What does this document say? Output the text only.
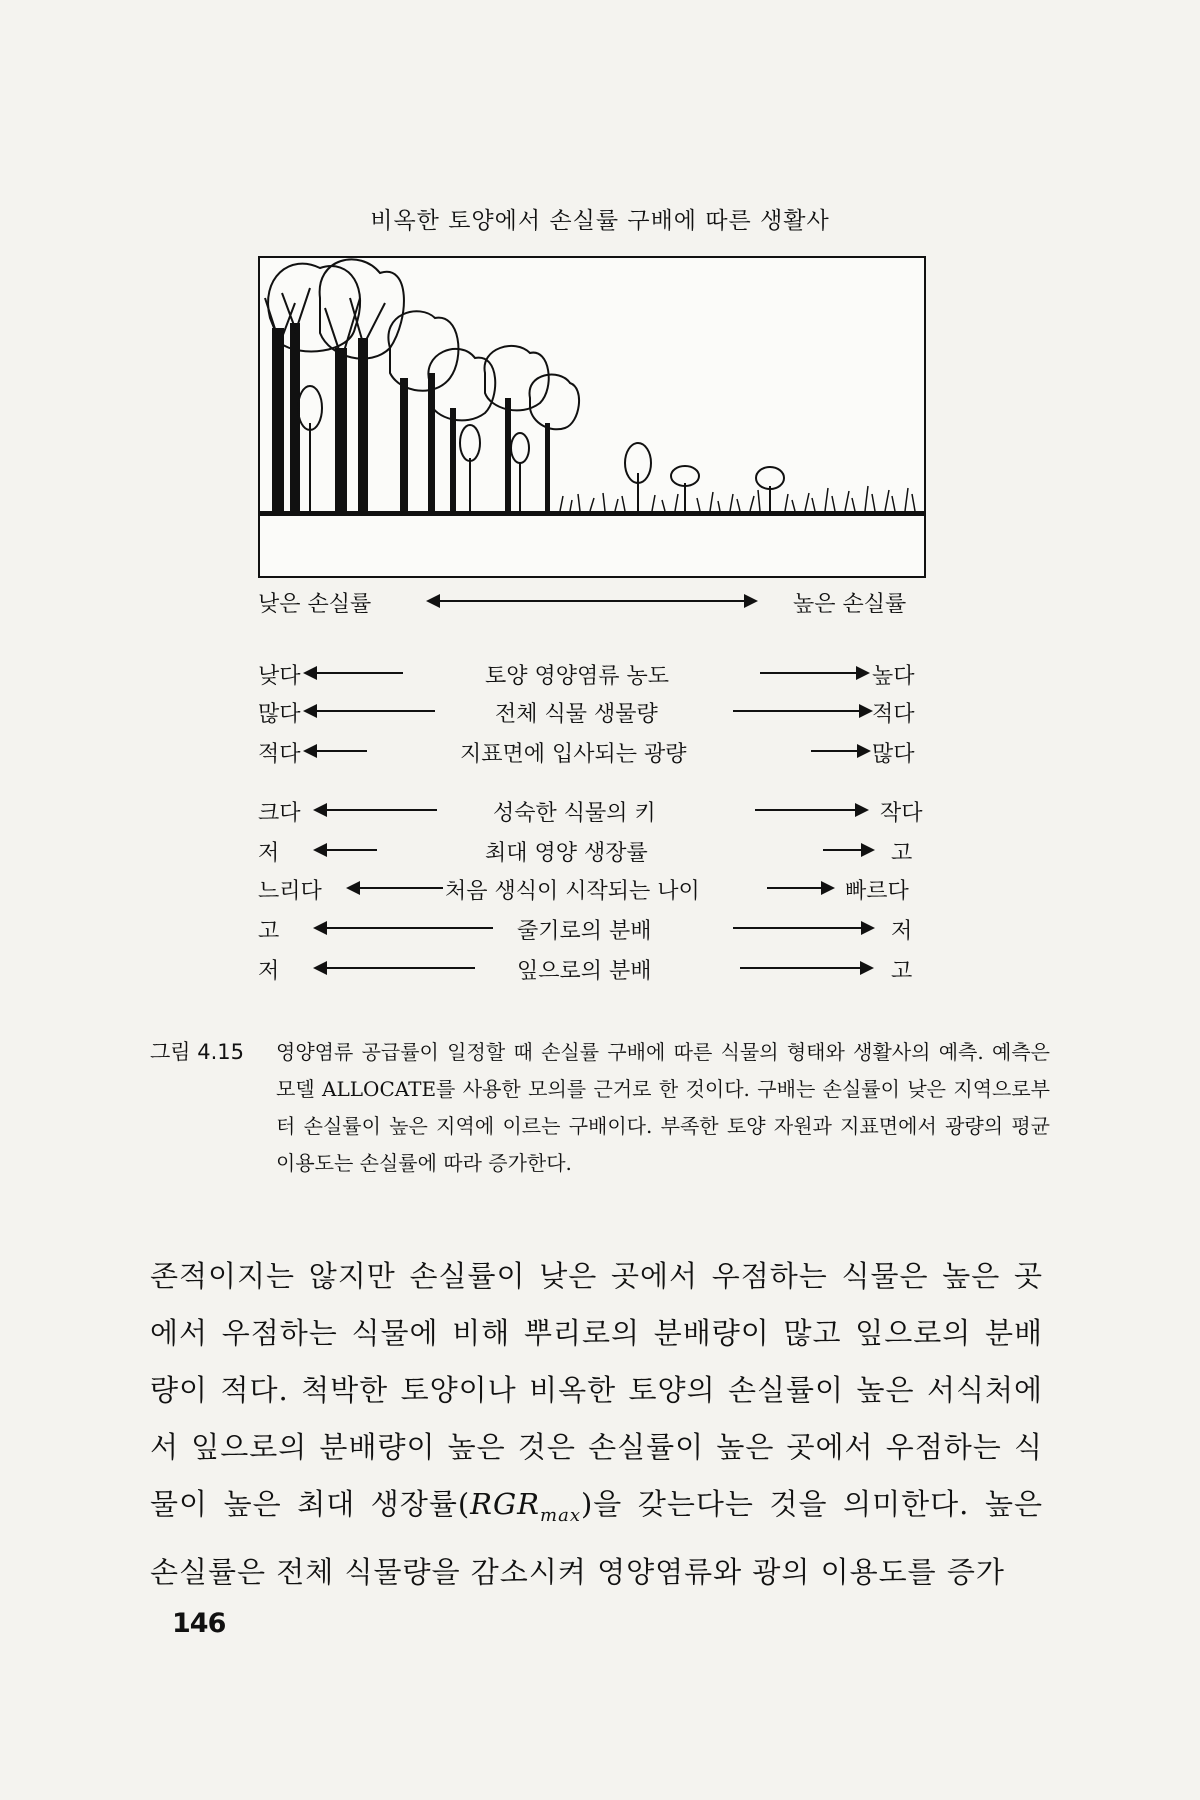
비옥한 토양에서 손실률 구배에 따른 생활사
낮은 손실률	높은 손실률
낮다	토양 영양염류 농도	높다
많다	전체 식물 생물량	적다
적다	지표면에 입사되는 광량	많다
크다	성숙한 식물의 키	작다
저	최대 영양 생장률	고
느리다	처음 생식이 시작되는 나이	빠르다
고	줄기로의 분배	저
저	잎으로의 분배	고
그림 4.15	영양염류 공급률이 일정할 때 손실률 구배에 따른 식물의 형태와 생활사의 예측. 예측은 모델 ALLOCATE를 사용한 모의를 근거로 한 것이다. 구배는 손실률이 낮은 지역으로부터 손실률이 높은 지역에 이르는 구배이다. 부족한 토양 자원과 지표면에서 광량의 평균 이용도는 손실률에 따라 증가한다.
존적이지는 않지만 손실률이 낮은 곳에서 우점하는 식물은 높은 곳에서 우점하는 식물에 비해 뿌리로의 분배량이 많고 잎으로의 분배량이 적다. 척박한 토양이나 비옥한 토양의 손실률이 높은 서식처에서 잎으로의 분배량이 높은 것은 손실률이 높은 곳에서 우점하는 식물이 높은 최대 생장률$(RGR_{max})$을 갖는다는 것을 의미한다. 높은 손실률은 전체 식물량을 감소시켜 영양염류와 광의 이용도를 증가
146
